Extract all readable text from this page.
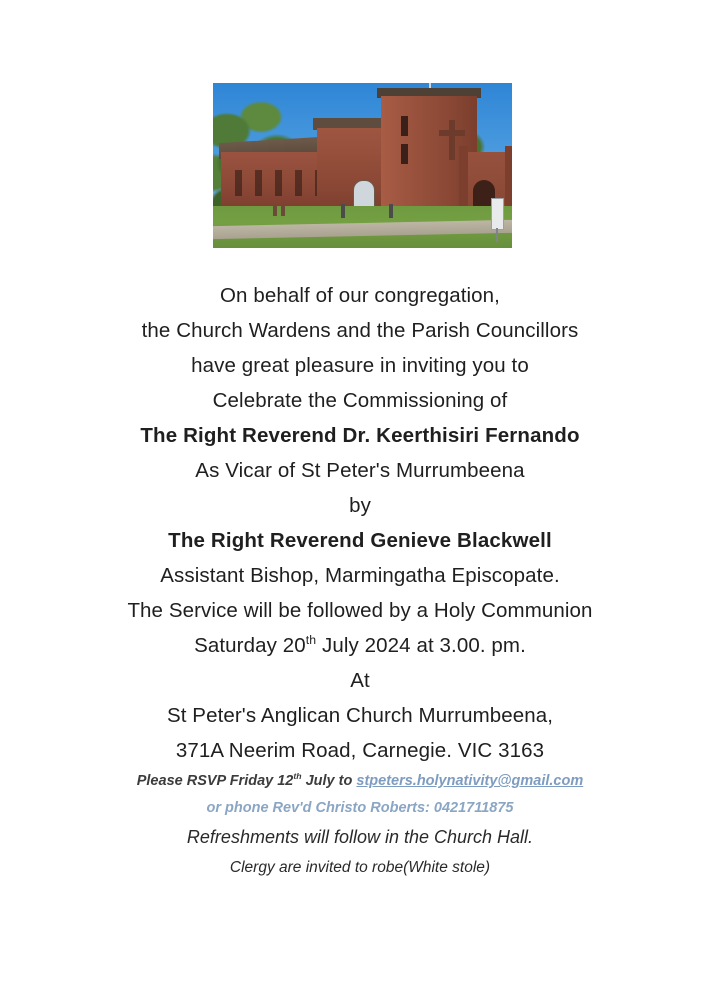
On behalf of our congregation,
the Church Wardens and the Parish Councillors
have great pleasure in inviting you to
Celebrate the Commissioning of
The Right Reverend Dr. Keerthisiri Fernando
As Vicar of St Peter's Murrumbeena
by
The Right Reverend Genieve Blackwell
Assistant Bishop, Marmingatha Episcopate.
The Service will be followed by a Holy Communion
Saturday 20th July 2024 at 3.00. pm.
At
St Peter's Anglican Church Murrumbeena,
371A Neerim Road, Carnegie. VIC 3163
Please RSVP Friday 12th July to stpeters.holynativity@gmail.com
or phone Rev'd Christo Roberts: 0421711875
Refreshments will follow in the Church Hall.
Clergy are invited to robe(White stole)
